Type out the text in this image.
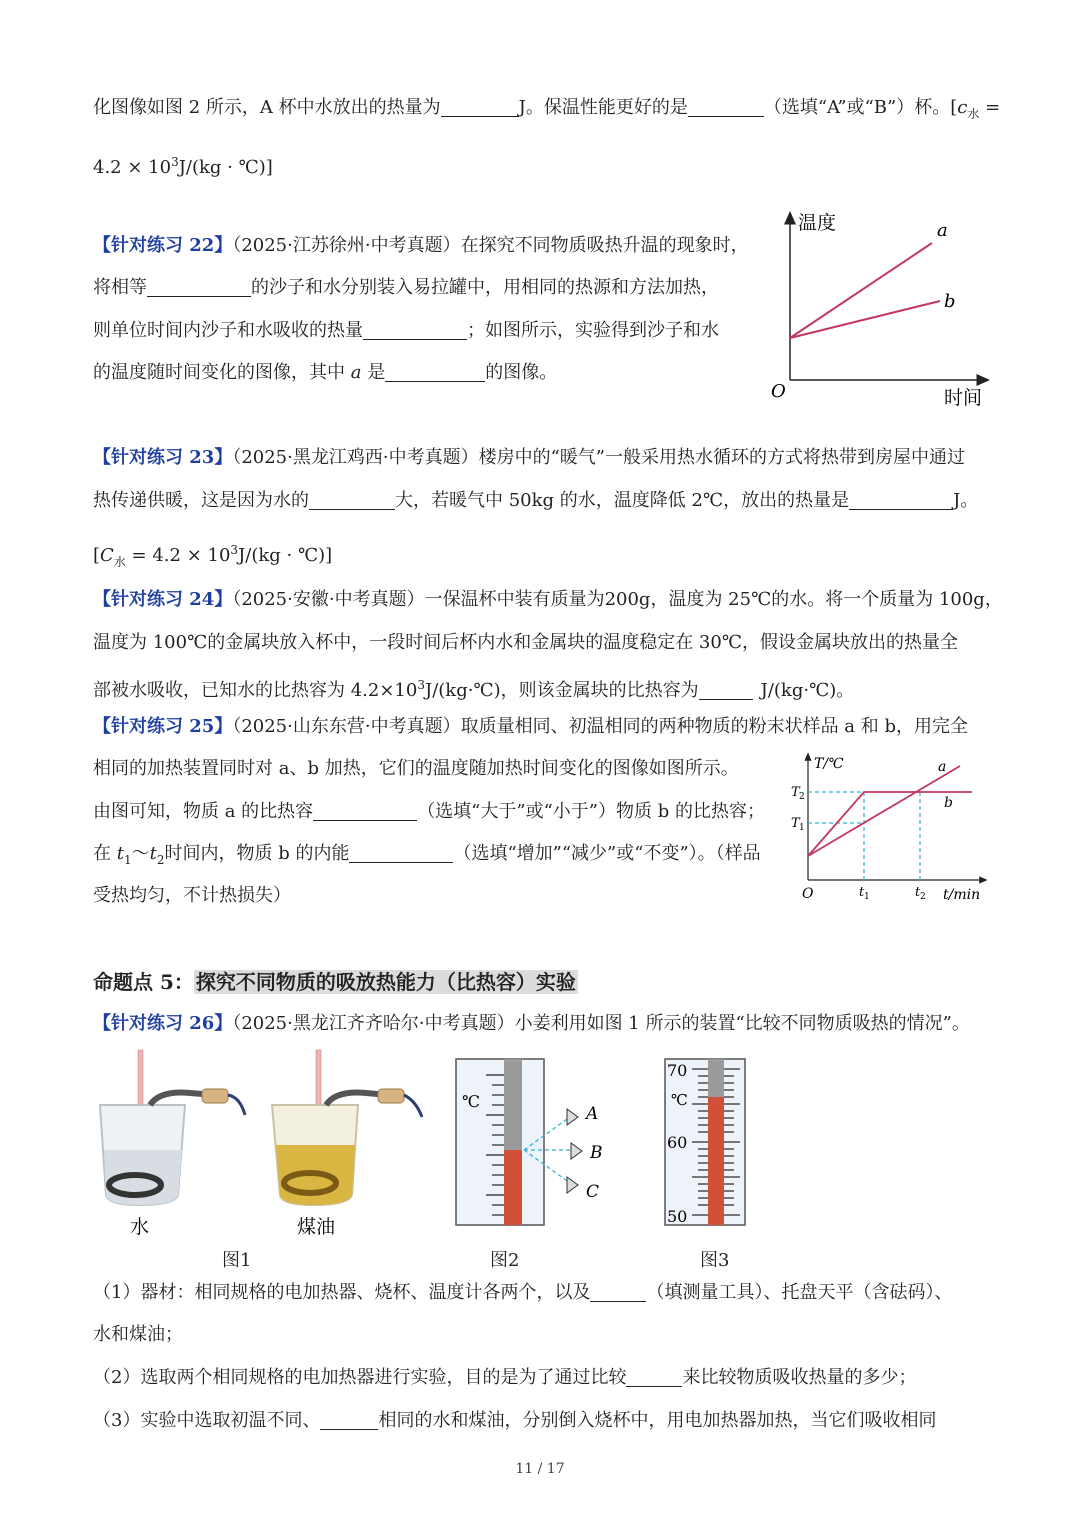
化图像如图 2 所示，A 杯中水放出的热量为	J。保温性能更好的是	（选填“A”或“B”）杯。[$c_水$ =
$4.2 \times 10^3J/(kg$ · ℃)]
【针对练习 22】（2025·江苏徐州·中考真题）在探究不同物质吸热升温的现象时，
将相等	的沙子和水分别装入易拉罐中，用相同的热源和方法加热，
则单位时间内沙子和水吸收的热量	；如图所示，实验得到沙子和水
的温度随时间变化的图像，其中 a 是	的图像。
温度
时间
O
a
b
【针对练习 23】（2025·黑龙江鸡西·中考真题）楼房中的“暖气”一般采用热水循环的方式将热带到房屋中通过
热传递供暖，这是因为水的	大，若暖气中 50kg 的水，温度降低 2℃，放出的热量是	J。
[$C_水 = 4.2 \times 10^3J/(kg$ · ℃)]
【针对练习 24】（2025·安徽·中考真题）一保温杯中装有质量为200g，温度为 25℃的水。将一个质量为 100g，
温度为 100℃的金属块放入杯中，一段时间后杯内水和金属块的温度稳定在 30℃，假设金属块放出的热量全
部被水吸收，已知水的比热容为 $4.2\times 10^3J/(kg\cdot℃)$，则该金属块的比热容为	J/(kg·℃)。
【针对练习 25】（2025·山东东营·中考真题）取质量相同、初温相同的两种物质的粉末状样品 a 和 b，用完全
相同的加热装置同时对 a、b 加热，它们的温度随加热时间变化的图像如图所示。
由图可知，物质 a 的比热容	（选填“大于”或“小于”）物质 b 的比热容；
在 $t_1\sim t_2$时间内，物质 b 的内能	（选填“增加”“减少”或“不变”）。（样品
受热均匀，不计热损失）
T/℃
t/min
O
T 2
T 1
t 1	t 2
a
b
命题点 5： 探究不同物质的吸放热能力（比热容）实验
【针对练习 26】（2025·黑龙江齐齐哈尔·中考真题）小姜利用如图 1 所示的装置“比较不同物质吸热的情况”。
水	煤油
图1
℃
A
B
C
图2
70
℃
60
50
图3
（1）器材：相同规格的电加热器、烧杯、温度计各两个，以及	（填测量工具）、托盘天平（含砝码）、
水和煤油；
（2）选取两个相同规格的电加热器进行实验，目的是为了通过比较	来比较物质吸收热量的多少；
（3）实验中选取初温不同、	相同的水和煤油，分别倒入烧杯中，用电加热器加热，当它们吸收相同
11 / 17
